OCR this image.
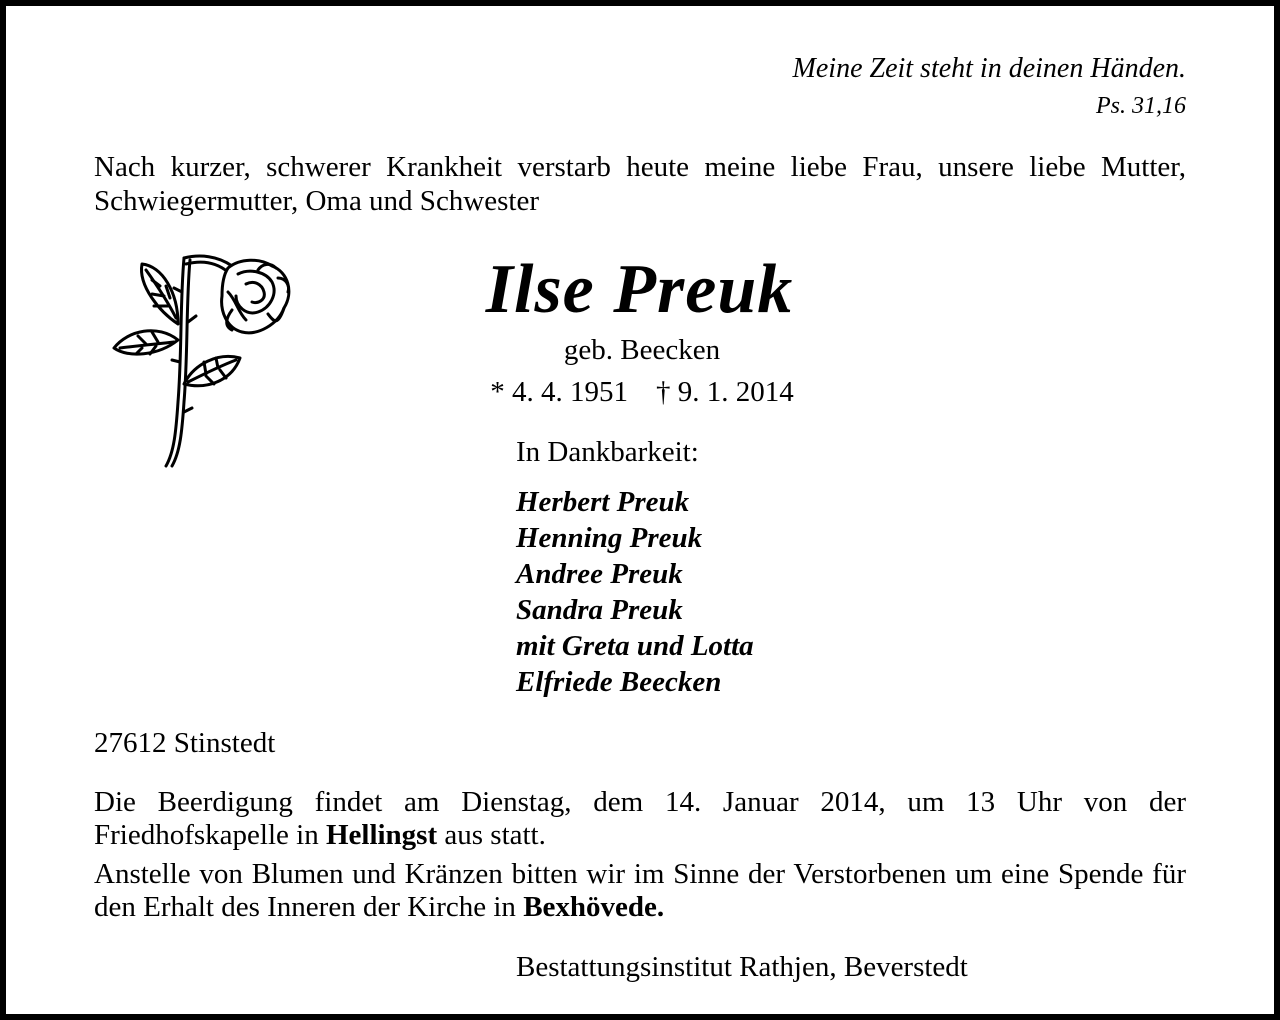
Meine Zeit steht in deinen Händen.
Ps. 31,16
Nach kurzer, schwerer Krankheit verstarb heute meine liebe Frau, unsere liebe Mutter, Schwiegermutter, Oma und Schwester
Ilse Preuk
geb. Beecken
* 4. 4. 1951 † 9. 1. 2014
In Dankbarkeit:
Herbert Preuk
Henning Preuk
Andree Preuk
Sandra Preuk
mit Greta und Lotta
Elfriede Beecken
27612 Stinstedt
Die Beerdigung findet am Dienstag, dem 14. Januar 2014, um 13 Uhr von der Friedhofskapelle in Hellingst aus statt.
Anstelle von Blumen und Kränzen bitten wir im Sinne der Verstorbenen um eine Spende für den Erhalt des Inneren der Kirche in Bexhövede.
Bestattungsinstitut Rathjen, Beverstedt
